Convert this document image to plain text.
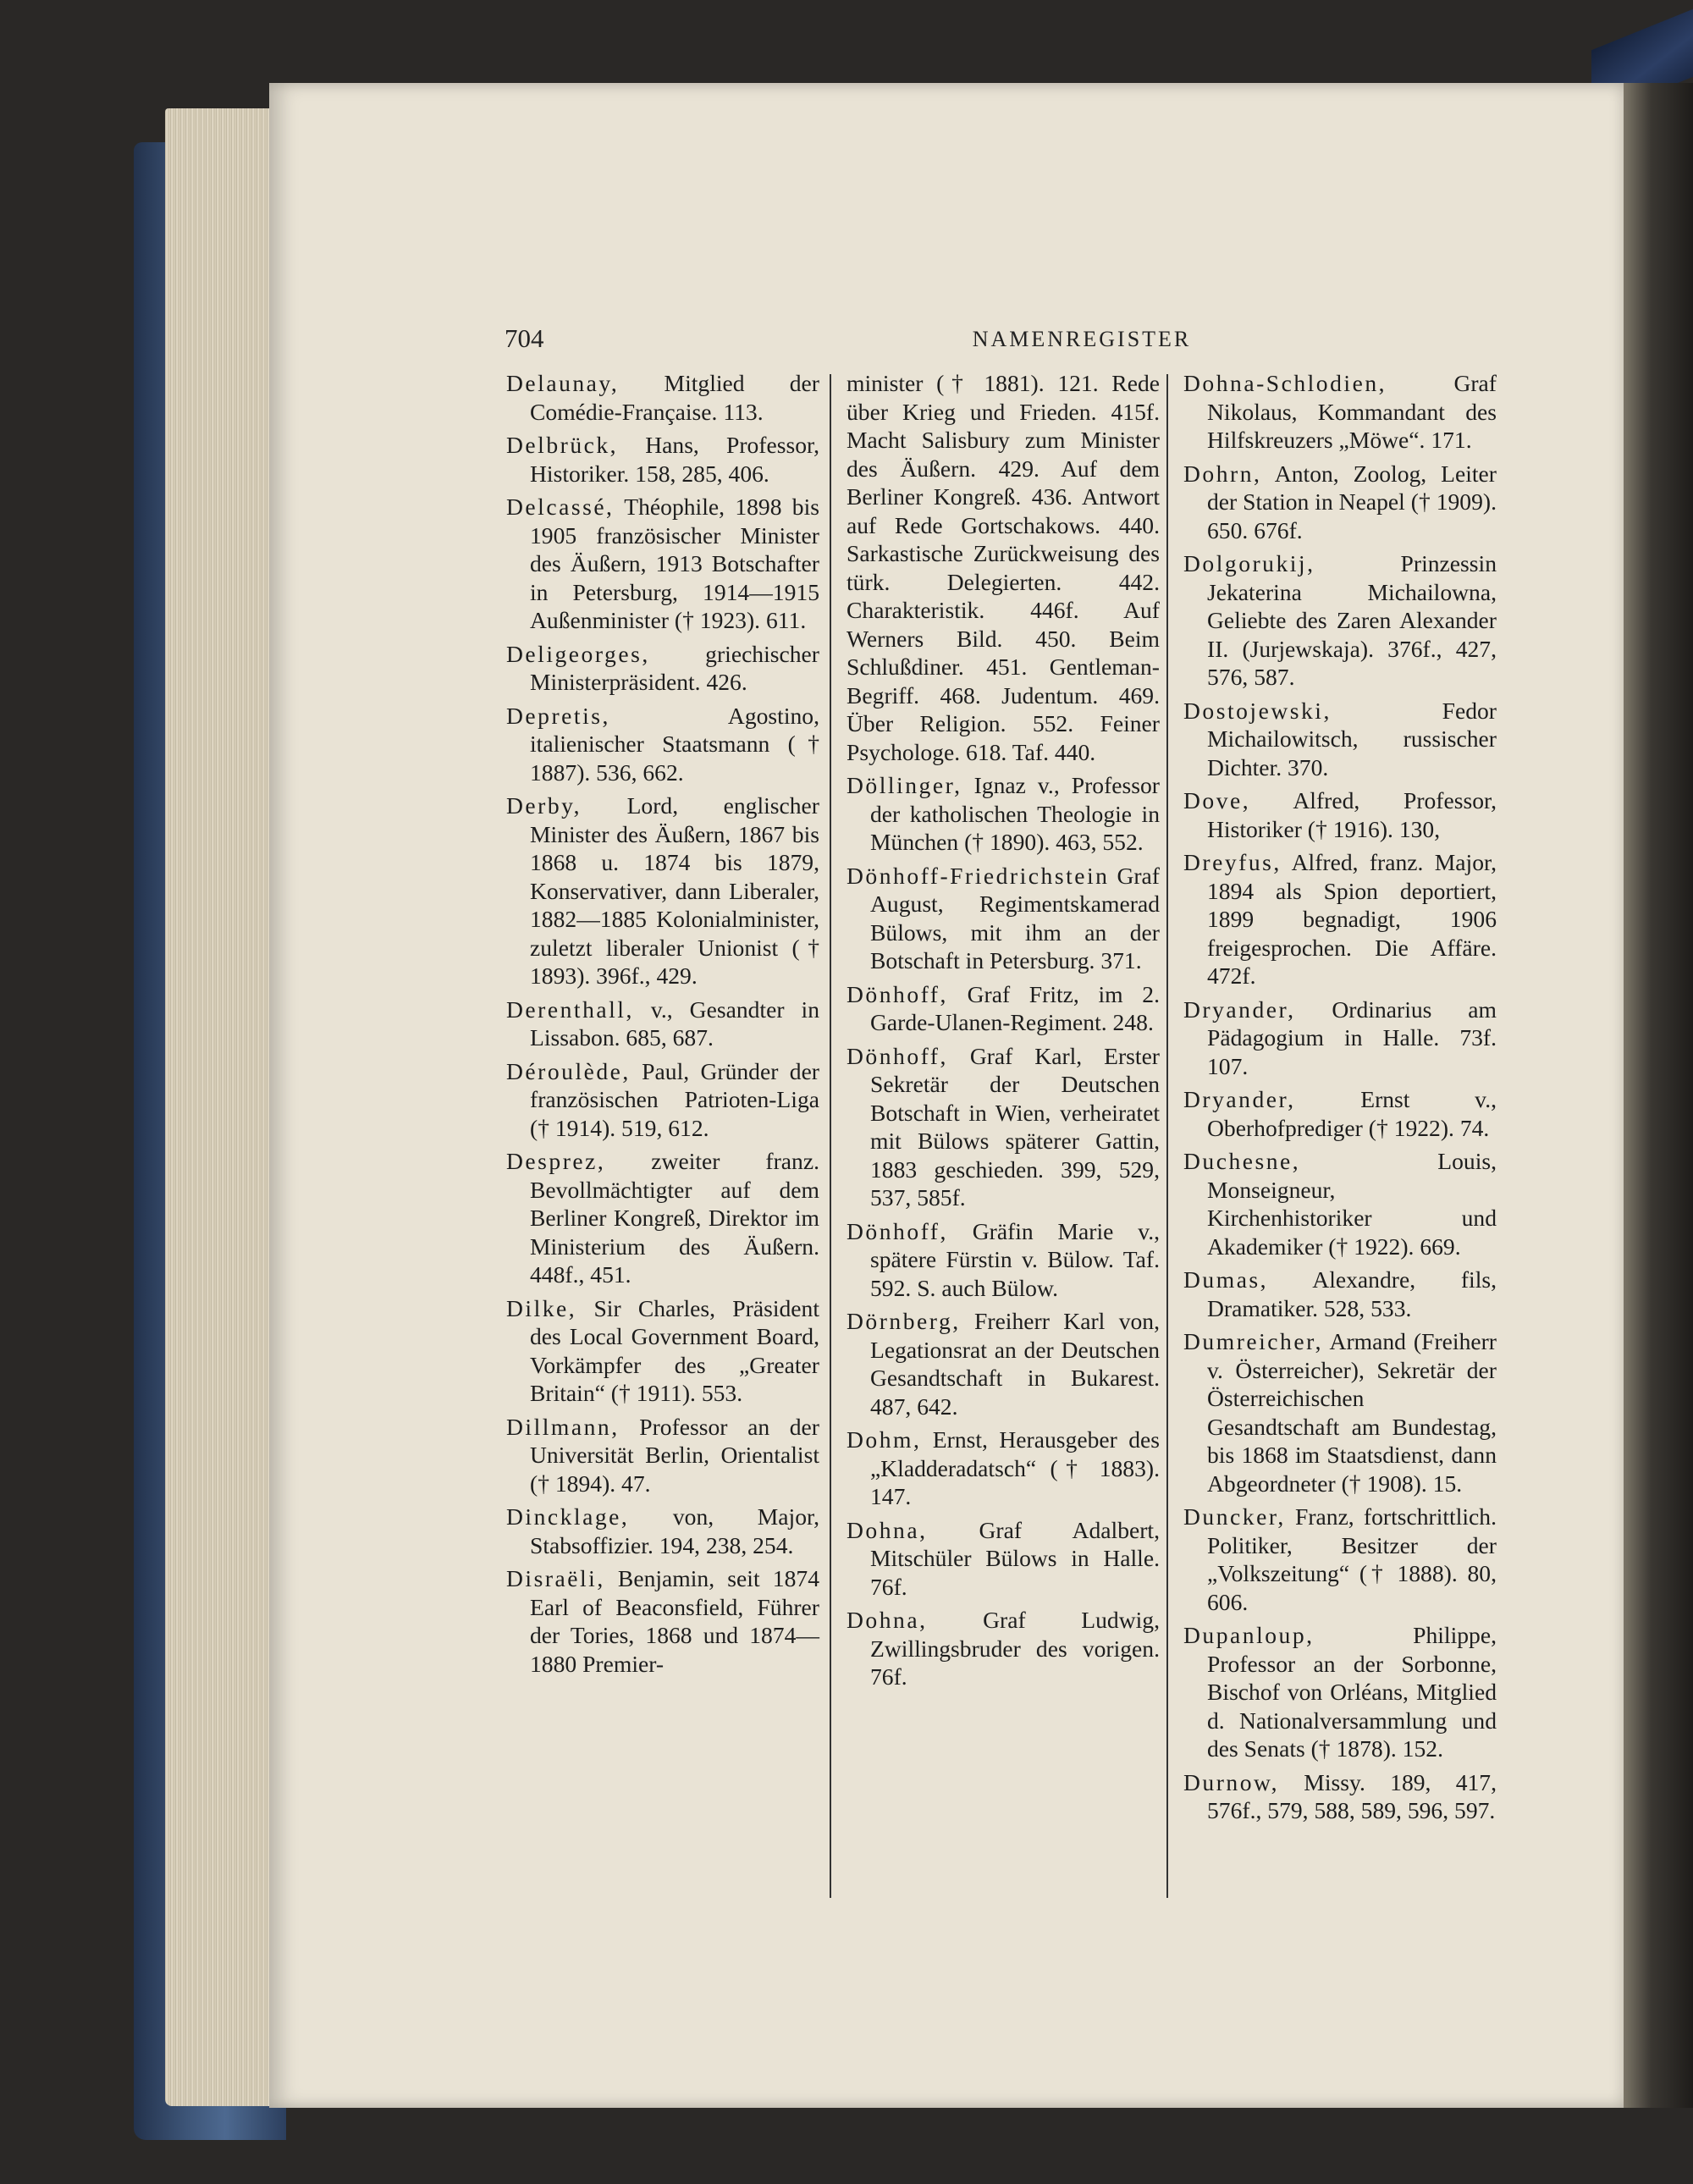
704	NAMENREGISTER
Delaunay, Mitglied der Comédie-Française. 113.
Delbrück, Hans, Professor, Historiker. 158, 285, 406.
Delcassé, Théophile, 1898 bis 1905 französischer Minister des Äußern, 1913 Botschafter in Petersburg, 1914—1915 Außenminister († 1923). 611.
Deligeorges, griechischer Ministerpräsident. 426.
Depretis, Agostino, italienischer Staatsmann († 1887). 536, 662.
Derby, Lord, englischer Minister des Äußern, 1867 bis 1868 u. 1874 bis 1879, Konservativer, dann Liberaler, 1882—1885 Kolonialminister, zuletzt liberaler Unionist († 1893). 396f., 429.
Derenthall, v., Gesandter in Lissabon. 685, 687.
Déroulède, Paul, Gründer der französischen Patrioten-Liga († 1914). 519, 612.
Desprez, zweiter franz. Bevollmächtigter auf dem Berliner Kongreß, Direktor im Ministerium des Äußern. 448f., 451.
Dilke, Sir Charles, Präsident des Local Government Board, Vorkämpfer des „Greater Britain“ († 1911). 553.
Dillmann, Professor an der Universität Berlin, Orientalist († 1894). 47.
Dincklage, von, Major, Stabsoffizier. 194, 238, 254.
Disraëli, Benjamin, seit 1874 Earl of Beaconsfield, Führer der Tories, 1868 und 1874—1880 Premier-
minister († 1881). 121. Rede über Krieg und Frieden. 415f. Macht Salisbury zum Minister des Äußern. 429. Auf dem Berliner Kongreß. 436. Antwort auf Rede Gortschakows. 440. Sarkastische Zurückweisung des türk. Delegierten. 442. Charakteristik. 446f. Auf Werners Bild. 450. Beim Schlußdiner. 451. Gentleman-Begriff. 468. Judentum. 469. Über Religion. 552. Feiner Psychologe. 618. Taf. 440.
Döllinger, Ignaz v., Professor der katholischen Theologie in München († 1890). 463, 552.
Dönhoff-Friedrichstein Graf August, Regimentskamerad Bülows, mit ihm an der Botschaft in Petersburg. 371.
Dönhoff, Graf Fritz, im 2. Garde-Ulanen-Regiment. 248.
Dönhoff, Graf Karl, Erster Sekretär der Deutschen Botschaft in Wien, verheiratet mit Bülows späterer Gattin, 1883 geschieden. 399, 529, 537, 585f.
Dönhoff, Gräfin Marie v., spätere Fürstin v. Bülow. Taf. 592. S. auch Bülow.
Dörnberg, Freiherr Karl von, Legationsrat an der Deutschen Gesandtschaft in Bukarest. 487, 642.
Dohm, Ernst, Herausgeber des „Kladderadatsch“ († 1883). 147.
Dohna, Graf Adalbert, Mitschüler Bülows in Halle. 76f.
Dohna, Graf Ludwig, Zwillingsbruder des vorigen. 76f.
Dohna-Schlodien, Graf Nikolaus, Kommandant des Hilfskreuzers „Möwe“. 171.
Dohrn, Anton, Zoolog, Leiter der Station in Neapel († 1909). 650. 676f.
Dolgorukij, Prinzessin Jekaterina Michailowna, Geliebte des Zaren Alexander II. (Jurjewskaja). 376f., 427, 576, 587.
Dostojewski, Fedor Michailowitsch, russischer Dichter. 370.
Dove, Alfred, Professor, Historiker († 1916). 130,
Dreyfus, Alfred, franz. Major, 1894 als Spion deportiert, 1899 begnadigt, 1906 freigesprochen. Die Affäre. 472f.
Dryander, Ordinarius am Pädagogium in Halle. 73f. 107.
Dryander, Ernst v., Oberhofprediger († 1922). 74.
Duchesne, Louis, Monseigneur, Kirchenhistoriker und Akademiker († 1922). 669.
Dumas, Alexandre, fils, Dramatiker. 528, 533.
Dumreicher, Armand (Freiherr v. Österreicher), Sekretär der Österreichischen Gesandtschaft am Bundestag, bis 1868 im Staatsdienst, dann Abgeordneter († 1908). 15.
Duncker, Franz, fortschrittlich. Politiker, Besitzer der „Volkszeitung“ († 1888). 80, 606.
Dupanloup, Philippe, Professor an der Sorbonne, Bischof von Orléans, Mitglied d. Nationalversammlung und des Senats († 1878). 152.
Durnow, Missy. 189, 417, 576f., 579, 588, 589, 596, 597.
